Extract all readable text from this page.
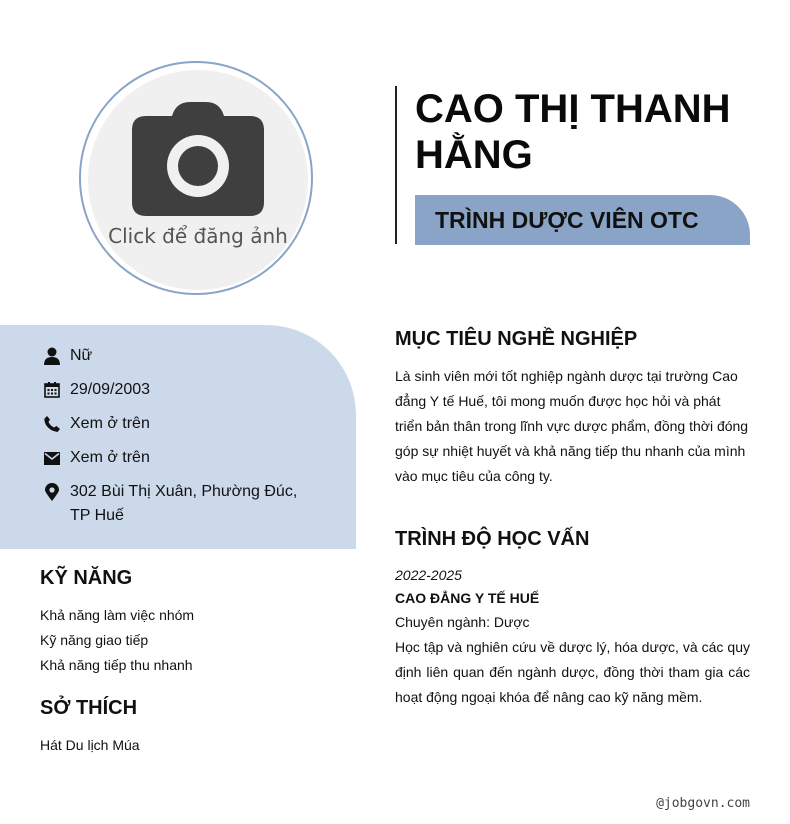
Click để đăng ảnh
CAO THỊ THANH HẰNG
TRÌNH DƯỢC VIÊN OTC
Nữ
29/09/2003
Xem ở trên
Xem ở trên
302 Bùi Thị Xuân, Phường Đúc, TP Huế
KỸ NĂNG
Khả năng làm việc nhóm
Kỹ năng giao tiếp
Khả năng tiếp thu nhanh
SỞ THÍCH
Hát Du lịch Múa
MỤC TIÊU NGHỀ NGHIỆP
Là sinh viên mới tốt nghiệp ngành dược tại trường Cao đẳng Y tế Huế, tôi mong muốn được học hỏi và phát triển bản thân trong lĩnh vực dược phẩm, đồng thời đóng góp sự nhiệt huyết và khả năng tiếp thu nhanh của mình vào mục tiêu của công ty.
TRÌNH ĐỘ HỌC VẤN
2022-2025
CAO ĐẲNG Y TẾ HUẾ
Chuyên ngành: Dược
Học tập và nghiên cứu về dược lý, hóa dược, và các quy định liên quan đến ngành dược, đồng thời tham gia các hoạt động ngoại khóa để nâng cao kỹ năng mềm.
@jobgovn.com
